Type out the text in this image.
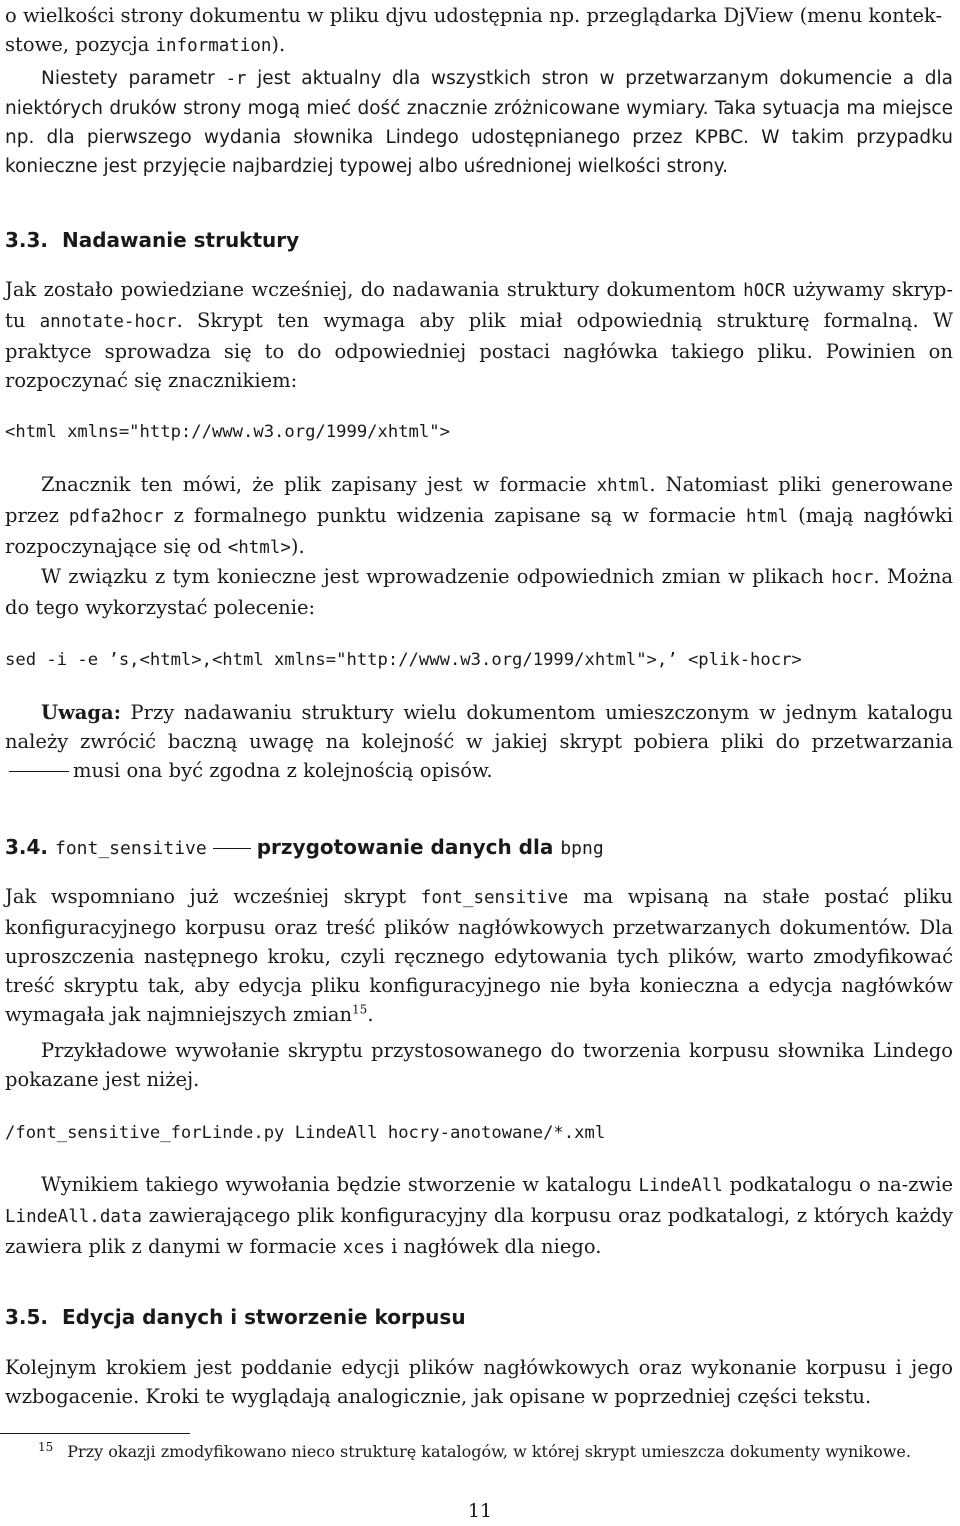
o wielkości strony dokumentu w pliku djvu udostępnia np. przeglądarka DjView (menu kontek-
stowe, pozycja information).

Niestety parametr -r jest aktualny dla wszystkich stron w przetwarzanym dokumencie a dla niektórych druków strony mogą mieć dość znacznie zróżnicowane wymiary. Taka sytuacja ma miejsce np. dla pierwszego wydania słownika Lindego udostępnianego przez KPBC. W takim przypadku konieczne jest przyjęcie najbardziej typowej albo uśrednionej wielkości strony.

3.3. Nadawanie struktury

Jak zostało powiedziane wcześniej, do nadawania struktury dokumentom hOCR używamy skryp-tu annotate-hocr. Skrypt ten wymaga aby plik miał odpowiednią strukturę formalną. W praktyce sprowadza się to do odpowiedniej postaci nagłówka takiego pliku. Powinien on rozpoczynać się znacznikiem:

<html xmlns="http://www.w3.org/1999/xhtml">

Znacznik ten mówi, że plik zapisany jest w formacie xhtml. Natomiast pliki generowane przez pdfa2hocr z formalnego punktu widzenia zapisane są w formacie html (mają nagłówki rozpoczynające się od <html>).

W związku z tym konieczne jest wprowadzenie odpowiednich zmian w plikach hocr. Można do tego wykorzystać polecenie:

sed -i -e ’s,<html>,<html xmlns="http://www.w3.org/1999/xhtml">,’ <plik-hocr>

Uwaga: Przy nadawaniu struktury wielu dokumentom umieszczonym w jednym katalogu należy zwrócić baczną uwagę na kolejność w jakiej skrypt pobiera pliki do przetwarzaniamusi ona być zgodna z kolejnością opisów.

3.4. font_sensitive	przygotowanie danych dla bpng

Jak wspomniano już wcześniej skrypt font_sensitive ma wpisaną na stałe postać pliku konfiguracyjnego korpusu oraz treść plików nagłówkowych przetwarzanych dokumentów. Dla uproszczenia następnego kroku, czyli ręcznego edytowania tych plików, warto zmodyfikować treść skryptu tak, aby edycja pliku konfiguracyjnego nie była konieczna a edycja nagłówków wymagała jak najmniejszych zmian$^{15}$.

Przykładowe wywołanie skryptu przystosowanego do tworzenia korpusu słownika Lindego pokazane jest niżej.

/font_sensitive_forLinde.py LindeAll hocry-anotowane/*.xml

Wynikiem takiego wywołania będzie stworzenie w katalogu LindeAll podkatalogu o na-zwie LindeAll.data zawierającego plik konfiguracyjny dla korpusu oraz podkatalogi, z których każdy zawiera plik z danymi w formacie xces i nagłówek dla niego.

3.5. Edycja danych i stworzenie korpusu

Kolejnym krokiem jest poddanie edycji plików nagłówkowych oraz wykonanie korpusu i jego wzbogacenie. Kroki te wyglądają analogicznie, jak opisane w poprzedniej części tekstu.

$^{15}$ Przy okazji zmodyfikowano nieco strukturę katalogów, w której skrypt umieszcza dokumenty wynikowe.
11
